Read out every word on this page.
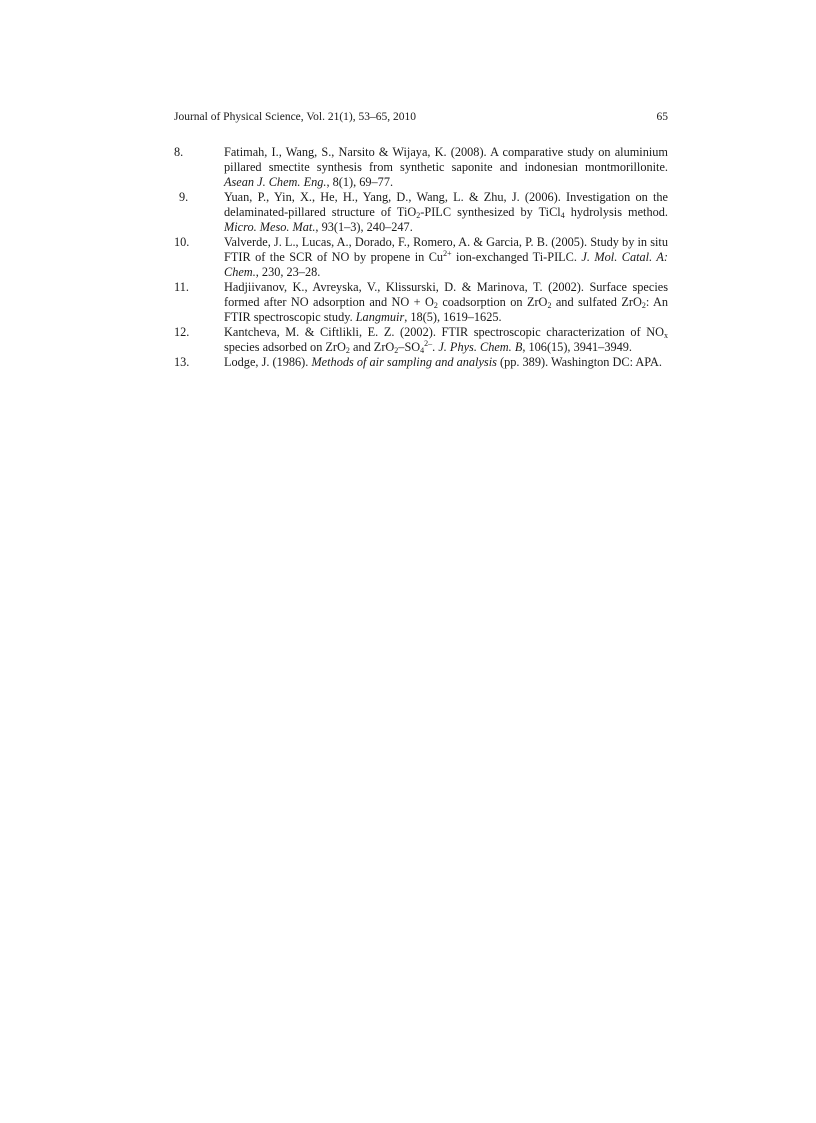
Journal of Physical Science, Vol. 21(1), 53–65, 2010	65
8.	Fatimah, I., Wang, S., Narsito & Wijaya, K. (2008). A comparative study on aluminium pillared smectite synthesis from synthetic saponite and indonesian montmorillonite. Asean J. Chem. Eng., 8(1), 69–77.
9.	Yuan, P., Yin, X., He, H., Yang, D., Wang, L. & Zhu, J. (2006). Investigation on the delaminated-pillared structure of TiO$_2$-PILC synthesized by TiCl$_4$ hydrolysis method. Micro. Meso. Mat., 93(1–3), 240–247.
10.	Valverde, J. L., Lucas, A., Dorado, F., Romero, A. & Garcia, P. B. (2005). Study by in situ FTIR of the SCR of NO by propene in $Cu^{2+}$ ion-exchanged Ti-PILC. J. Mol. Catal. A: Chem., 230, 23–28.
11.	Hadjiivanov, K., Avreyska, V., Klissurski, D. & Marinova, T. (2002). Surface species formed after NO adsorption and NO + $O_2$ coadsorption on ZrO$_2$ and sulfated ZrO$_2$: An FTIR spectroscopic study. Langmuir, 18(5), 1619–1625.
12.	Kantcheva, M. & Ciftlikli, E. Z. (2002). FTIR spectroscopic characterization of $NO_x$ species adsorbed on ZrO$_2$ and $ZrO_2-SO_4^{2-}$. J. Phys. Chem. B, 106(15), 3941–3949.
13.	Lodge, J. (1986). Methods of air sampling and analysis (pp. 389). Washington DC: APA.
